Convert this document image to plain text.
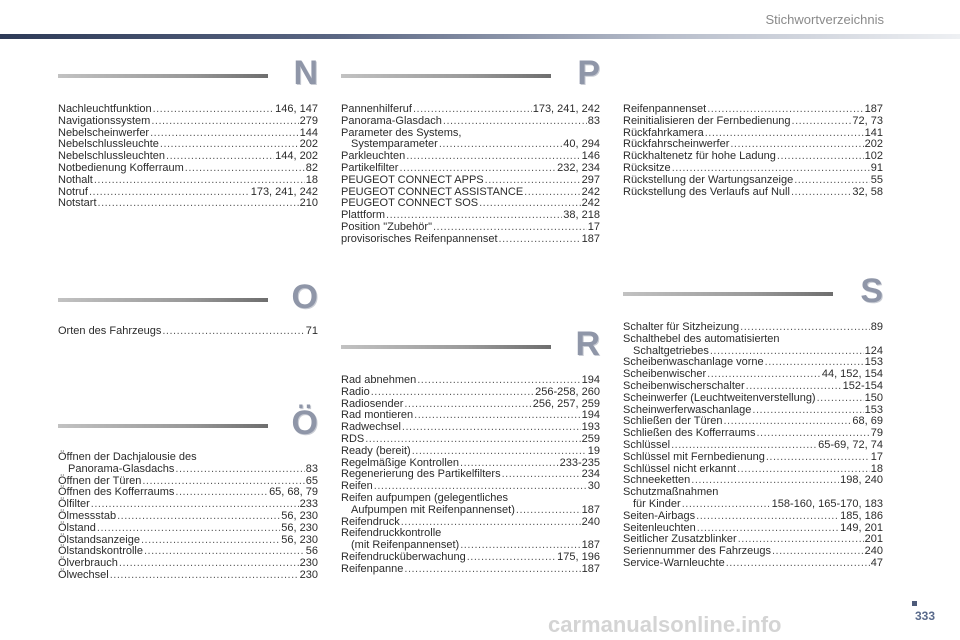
Stichwortverzeichnis
N
Nachleuchtfunktion .....	146, 147
Navigationssystem .....	279
Nebelscheinwerfer .....	144
Nebelschlussleuchte .....	202
Nebelschlussleuchten .....	144, 202
Notbedienung Kofferraum .....	82
Nothalt .....	18
Notruf .....	173, 241, 242
Notstart .....	210
O
Orten des Fahrzeugs .....	71
Ö
Öffnen der Dachjalousie des
Panorama-Glasdachs .....	83
Öffnen der Türen .....	65
Öffnen des Kofferraums .....	65, 68, 79
Ölfilter .....	233
Ölmessstab .....	56, 230
Ölstand .....	56, 230
Ölstandsanzeige .....	56, 230
Ölstandskontrolle .....	56
Ölverbrauch .....	230
Ölwechsel .....	230
P
Pannenhilferuf .....	173, 241, 242
Panorama-Glasdach .....	83
Parameter des Systems,
Systemparameter .....	40, 294
Parkleuchten .....	146
Partikelfilter .....	232, 234
PEUGEOT CONNECT APPS .....	297
PEUGEOT CONNECT ASSISTANCE .....	242
PEUGEOT CONNECT SOS .....	242
Plattform .....	38, 218
Position "Zubehör" .....	17
provisorisches Reifenpannenset .....	187
R
Rad abnehmen .....	194
Radio .....	256-258, 260
Radiosender .....	256, 257, 259
Rad montieren .....	194
Radwechsel .....	193
RDS .....	259
Ready (bereit) .....	19
Regelmäßige Kontrollen .....	233-235
Regenerierung des Partikelfilters .....	234
Reifen .....	30
Reifen aufpumpen (gelegentliches
Aufpumpen mit Reifenpannenset) .....	187
Reifendruck .....	240
Reifendruckkontrolle
(mit Reifenpannenset) .....	187
Reifendrucküberwachung .....	175, 196
Reifenpanne .....	187
Reifenpannenset .....	187
Reinitialisieren der Fernbedienung .....	72, 73
Rückfahrkamera .....	141
Rückfahrscheinwerfer .....	202
Rückhaltenetz für hohe Ladung .....	102
Rücksitze .....	91
Rückstellung der Wartungsanzeige .....	55
Rückstellung des Verlaufs auf Null .....	32, 58
S
Schalter für Sitzheizung .....	89
Schalthebel des automatisierten
Schaltgetriebes .....	124
Scheibenwaschanlage vorne .....	153
Scheibenwischer .....	44, 152, 154
Scheibenwischerschalter .....	152-154
Scheinwerfer (Leuchtweitenverstellung) .....	150
Scheinwerferwaschanlage .....	153
Schließen der Türen .....	68, 69
Schließen des Kofferraums .....	79
Schlüssel .....	65-69, 72, 74
Schlüssel mit Fernbedienung .....	17
Schlüssel nicht erkannt .....	18
Schneeketten .....	198, 240
Schutzmaßnahmen
für Kinder .....	158-160, 165-170, 183
Seiten-Airbags .....	185, 186
Seitenleuchten .....	149, 201
Seitlicher Zusatzblinker .....	201
Seriennummer des Fahrzeugs .....	240
Service-Warnleuchte .....	47
carmanualsonline.info	333
